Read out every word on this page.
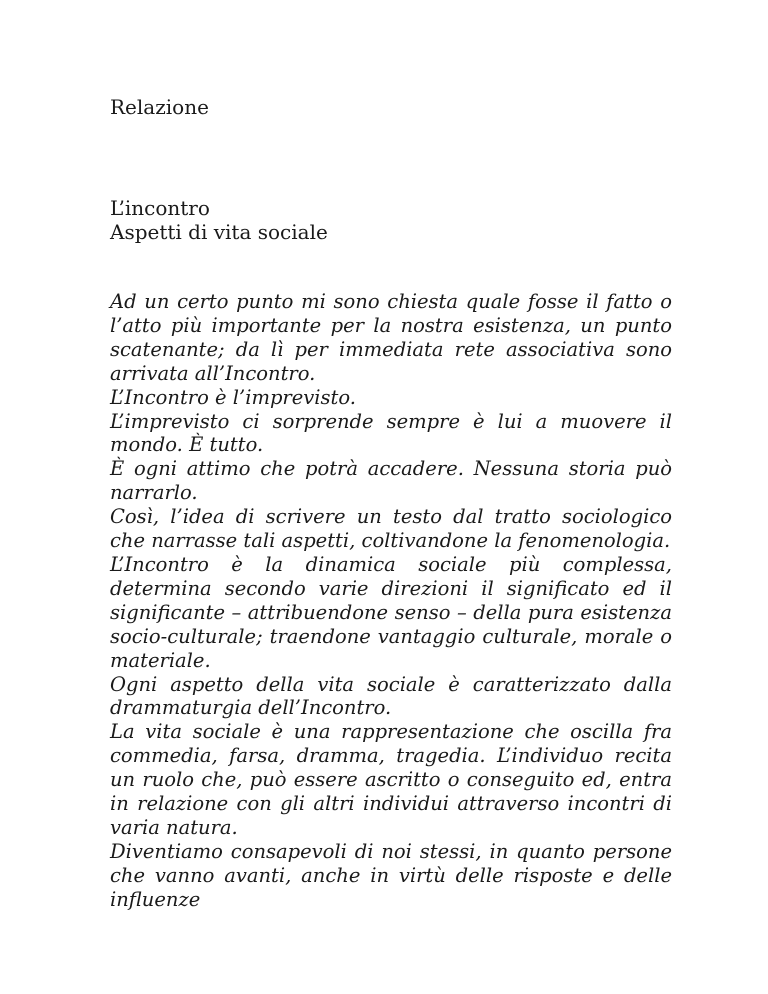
Relazione
L’incontro
Aspetti di vita sociale

Ad un certo punto mi sono chiesta quale fosse il fatto o l’atto più importante per la nostra esistenza, un punto scatenante; da lì per immediata rete associativa sono arrivata all’Incontro.

L’Incontro è l’imprevisto.

L’imprevisto ci sorprende sempre è lui a muovere il mondo. È tutto.

È ogni attimo che potrà accadere. Nessuna storia può narrarlo.

Così, l’idea di scrivere un testo dal tratto sociologico che narrasse tali aspetti, coltivandone la fenomenologia.

L’Incontro è la dinamica sociale più complessa, determina secondo varie direzioni il significato ed il significante – attribuendone senso – della pura esistenza socio-culturale; traendone vantaggio culturale, morale o materiale.

Ogni aspetto della vita sociale è caratterizzato dalla drammaturgia dell’Incontro.

La vita sociale è una rappresentazione che oscilla fra commedia, farsa, dramma, tragedia. L’individuo recita un ruolo che, può essere ascritto o conseguito ed, entra in relazione con gli altri individui attraverso incontri di varia natura.

Diventiamo consapevoli di noi stessi, in quanto persone che vanno avanti, anche in virtù delle risposte e delle influenze
